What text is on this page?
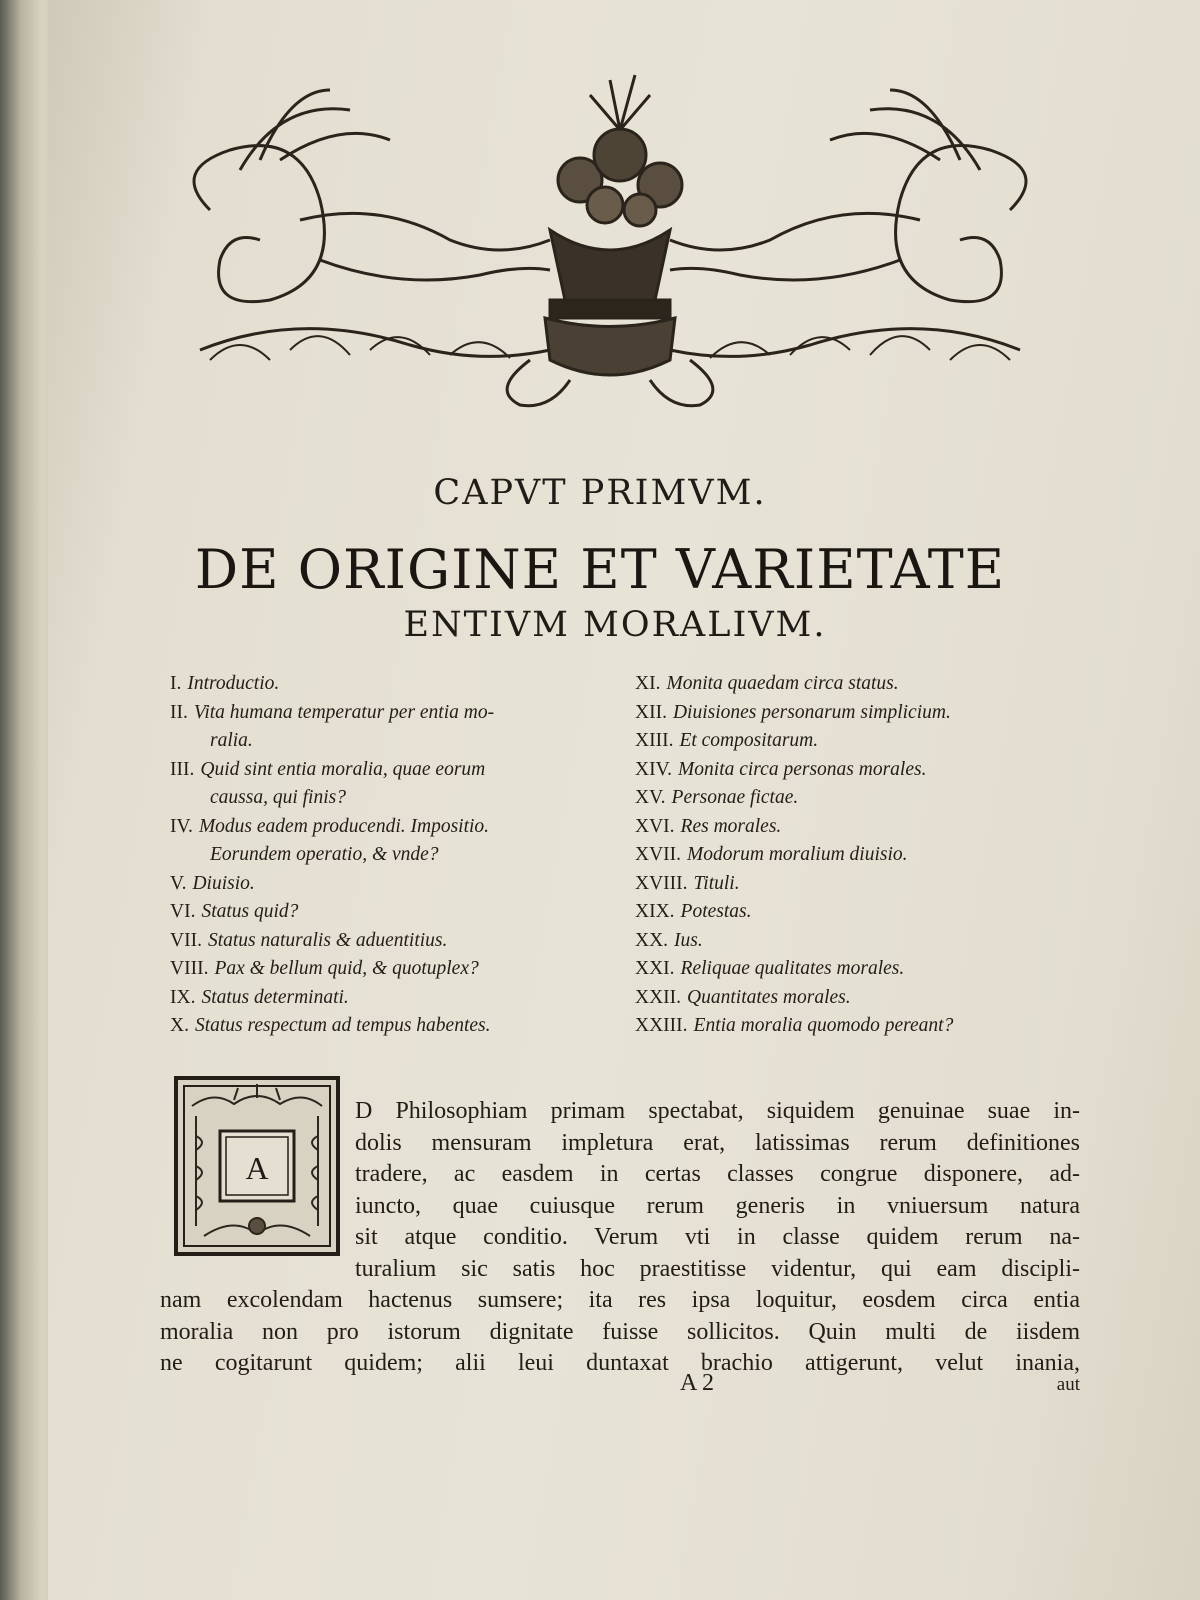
CAPVT PRIMVM.
DE ORIGINE ET VARIETATE
ENTIVM MORALIVM.
I. Introductio.
II. Vita humana temperatur per entia mo-
ralia.
III. Quid sint entia moralia, quae eorum
caussa, qui finis?
IV. Modus eadem producendi. Impositio.
Eorundem operatio, & vnde?
V. Diuisio.
VI. Status quid?
VII. Status naturalis & aduentitius.
VIII. Pax & bellum quid, & quotuplex?
IX. Status determinati.
X. Status respectum ad tempus habentes.
XI. Monita quaedam circa status.
XII. Diuisiones personarum simplicium.
XIII. Et compositarum.
XIV. Monita circa personas morales.
XV. Personae fictae.
XVI. Res morales.
XVII. Modorum moralium diuisio.
XVIII. Tituli.
XIX. Potestas.
XX. Ius.
XXI. Reliquae qualitates morales.
XXII. Quantitates morales.
XXIII. Entia moralia quomodo pereant?
A
D Philosophiam primam spectabat, siquidem genuinae suae in-
dolis mensuram impletura erat, latissimas rerum definitiones
tradere, ac easdem in certas classes congrue disponere, ad-
iuncto, quae cuiusque rerum generis in vniuersum natura
sit atque conditio. Verum vti in classe quidem rerum na-
turalium sic satis hoc praestitisse videntur, qui eam discipli-
nam excolendam hactenus sumsere; ita res ipsa loquitur, eosdem circa entia
moralia non pro istorum dignitate fuisse sollicitos. Quin multi de iisdem
ne cogitarunt quidem; alii leui duntaxat brachio attigerunt, velut inania,
A 2	aut
